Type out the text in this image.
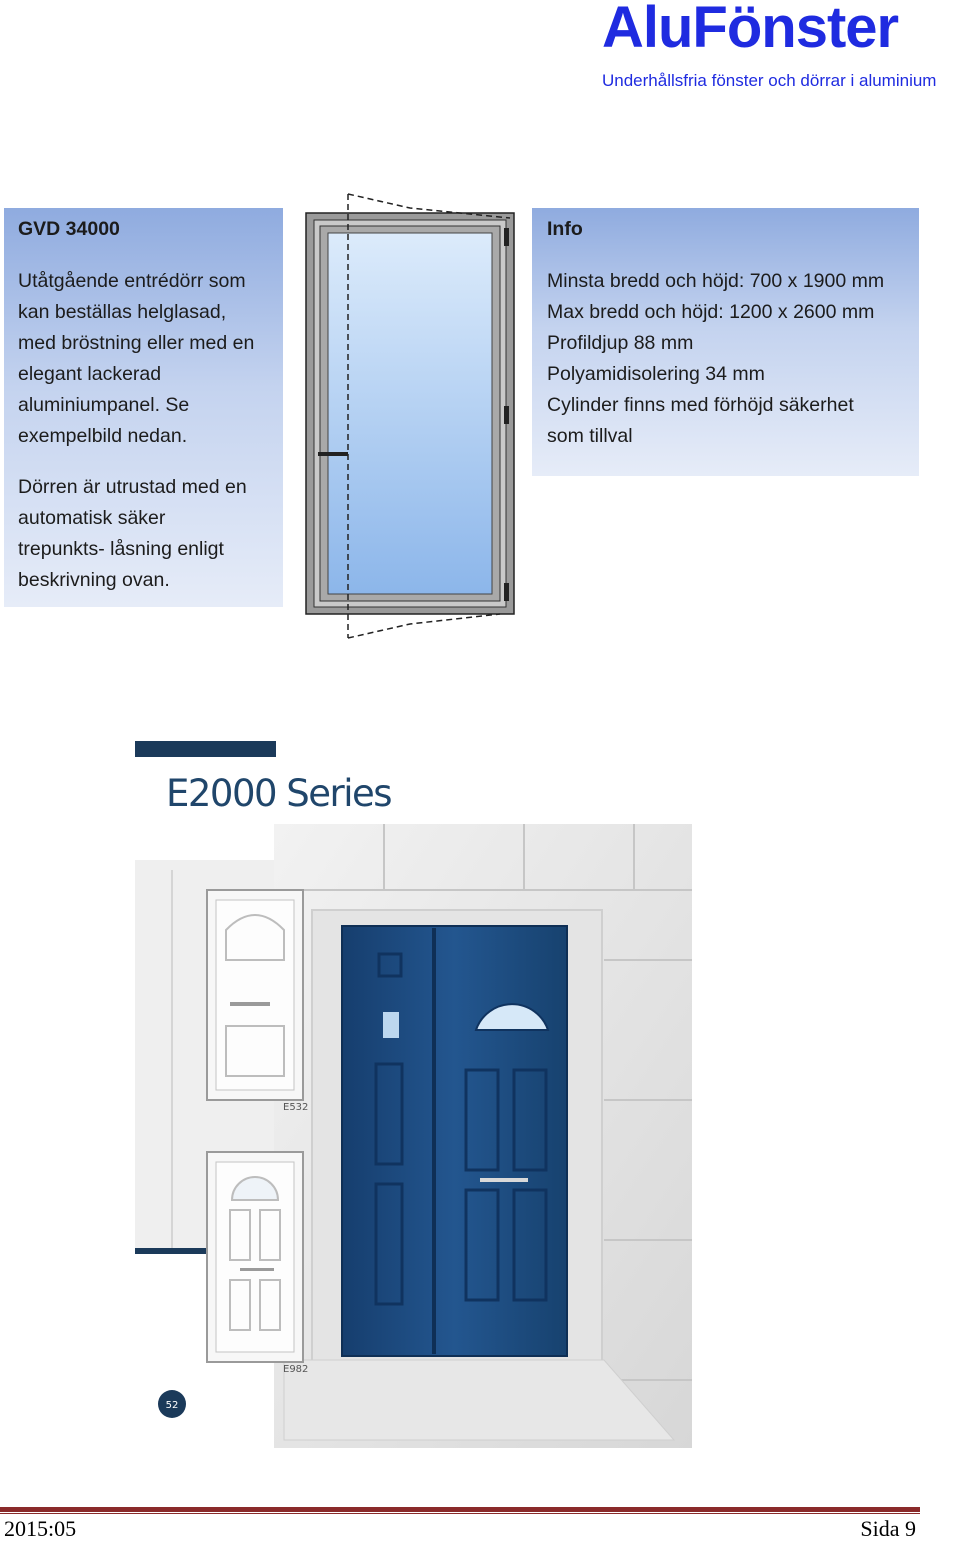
AluFönster
Underhållsfria fönster och dörrar i aluminium
GVD 34000
Utåtgående entrédörr som
kan beställas helglasad,
med bröstning eller med en
elegant lackerad
aluminiumpanel. Se
exempelbild nedan.
Dörren är utrustad med en
automatisk säker
trepunkts- låsning enligt
beskrivning ovan.
Info
Minsta bredd och höjd: 700 x 1900 mm
Max bredd och höjd: 1200 x 2600 mm
Profildjup 88 mm
Polyamidisolering 34 mm
Cylinder finns med förhöjd säkerhet
som tillval
E2000 Series
E532
E982
52
2015:05	Sida 9
